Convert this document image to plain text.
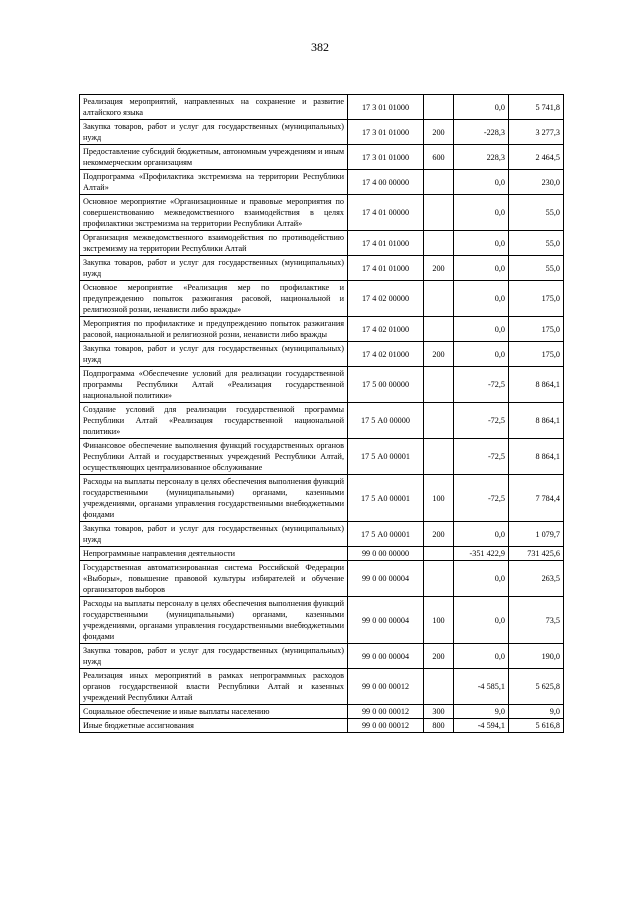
382
Реализация мероприятий, направленных на сохранение и развитие алтайского языка	17 3 01 01000		0,0	5 741,8
Закупка товаров, работ и услуг для государственных (муниципальных) нужд	17 3 01 01000	200	-228,3	3 277,3
Предоставление субсидий бюджетным, автономным учреждениям и иным некоммерческим организациям	17 3 01 01000	600	228,3	2 464,5
Подпрограмма «Профилактика экстремизма на территории Республики Алтай»	17 4 00 00000		0,0	230,0
Основное мероприятие «Организационные и правовые мероприятия по совершенствованию межведомственного взаимодействия в целях профилактики экстремизма на территории Республики Алтай»	17 4 01 00000		0,0	55,0
Организация межведомственного взаимодействия по противодействию экстремизму на территории Республики Алтай	17 4 01 01000		0,0	55,0
Закупка товаров, работ и услуг для государственных (муниципальных) нужд	17 4 01 01000	200	0,0	55,0
Основное мероприятие «Реализация мер по профилактике и предупреждению попыток разжигания расовой, национальной и религиозной розни, ненависти либо вражды»	17 4 02 00000		0,0	175,0
Мероприятия по профилактике и предупреждению попыток разжигания расовой, национальной и религиозной розни, ненависти либо вражды	17 4 02 01000		0,0	175,0
Закупка товаров, работ и услуг для государственных (муниципальных) нужд	17 4 02 01000	200	0,0	175,0
Подпрограмма «Обеспечение условий для реализации государственной программы Республики Алтай «Реализация государственной национальной политики»	17 5 00 00000		-72,5	8 864,1
Создание условий для реализации государственной программы Республики Алтай «Реализация государственной национальной политики»	17 5 А0 00000		-72,5	8 864,1
Финансовое обеспечение выполнения функций государственных органов Республики Алтай и государственных учреждений Республики Алтай, осуществляющих централизованное обслуживание	17 5 А0 00001		-72,5	8 864,1
Расходы на выплаты персоналу в целях обеспечения выполнения функций государственными (муниципальными) органами, казенными учреждениями, органами управления государственными внебюджетными фондами	17 5 А0 00001	100	-72,5	7 784,4
Закупка товаров, работ и услуг для государственных (муниципальных) нужд	17 5 А0 00001	200	0,0	1 079,7
Непрограммные направления деятельности	99 0 00 00000		-351 422,9	731 425,6
Государственная автоматизированная система Российской Федерации «Выборы», повышение правовой культуры избирателей и обучение организаторов выборов	99 0 00 00004		0,0	263,5
Расходы на выплаты персоналу в целях обеспечения выполнения функций государственными (муниципальными) органами, казенными учреждениями, органами управления государственными внебюджетными фондами	99 0 00 00004	100	0,0	73,5
Закупка товаров, работ и услуг для государственных (муниципальных) нужд	99 0 00 00004	200	0,0	190,0
Реализация иных мероприятий в рамках непрограммных расходов органов государственной власти Республики Алтай и казенных учреждений Республики Алтай	99 0 00 00012		-4 585,1	5 625,8
Социальное обеспечение и иные выплаты населению	99 0 00 00012	300	9,0	9,0
Иные бюджетные ассигнования	99 0 00 00012	800	-4 594,1	5 616,8
